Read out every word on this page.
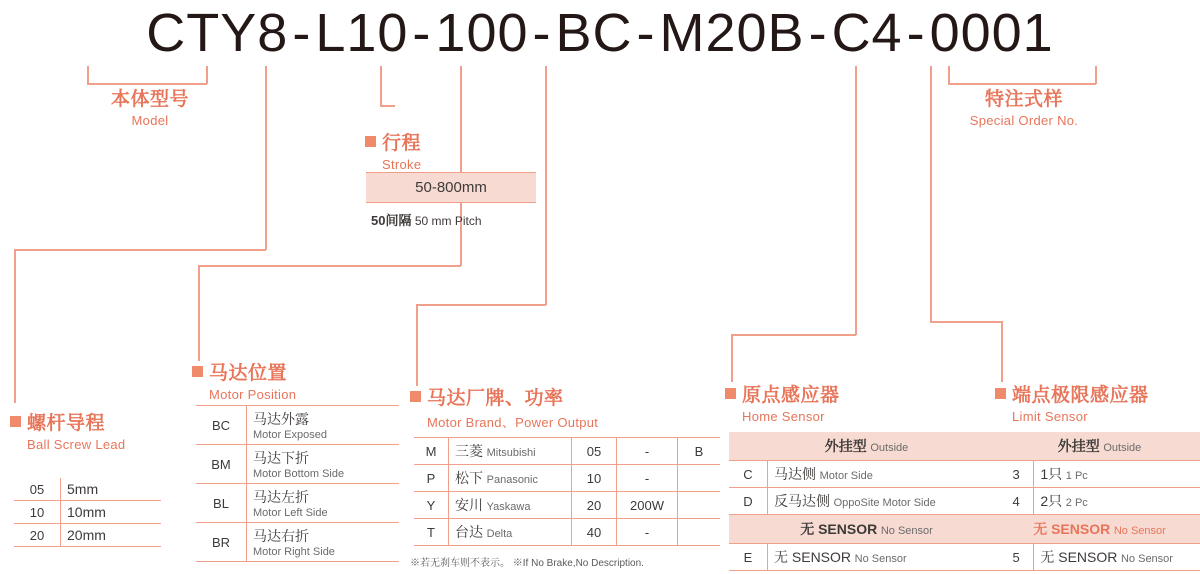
CTY8-L10-100-BC-M20B-C4-0001
本体型号
Model
特注式样
Special Order No.
行程
Stroke
50-800mm
50间隔 50 mm Pitch
螺杆导程
Ball Screw Lead
05	5mm
10	10mm
20	20mm
马达位置
Motor Position
BC	马达外露
Motor Exposed

BM	马达下折
Motor Bottom Side

BL	马达左折
Motor Left Side

BR	马达右折
Motor Right Side
马达厂牌、功率
Motor Brand、Power Output
M	三菱 Mitsubishi	05	-	B
P	松下 Panasonic	10	-	
Y	安川 Yaskawa	20	200W	
T	台达 Delta	40	-	
※若无刹车则不表示。 ※If No Brake,No Description.
原点感应器
Home Sensor
外挂型 Outside	
C	马达侧 Motor Side
D	反马达侧 OppoSite Motor Side
无 SENSOR No Sensor	
E	无 SENSOR No Sensor
端点极限感应器
Limit Sensor
外挂型 Outside	
3	1只 1 Pc
4	2只 2 Pc
无 SENSOR No Sensor	
5	无 SENSOR No Sensor
